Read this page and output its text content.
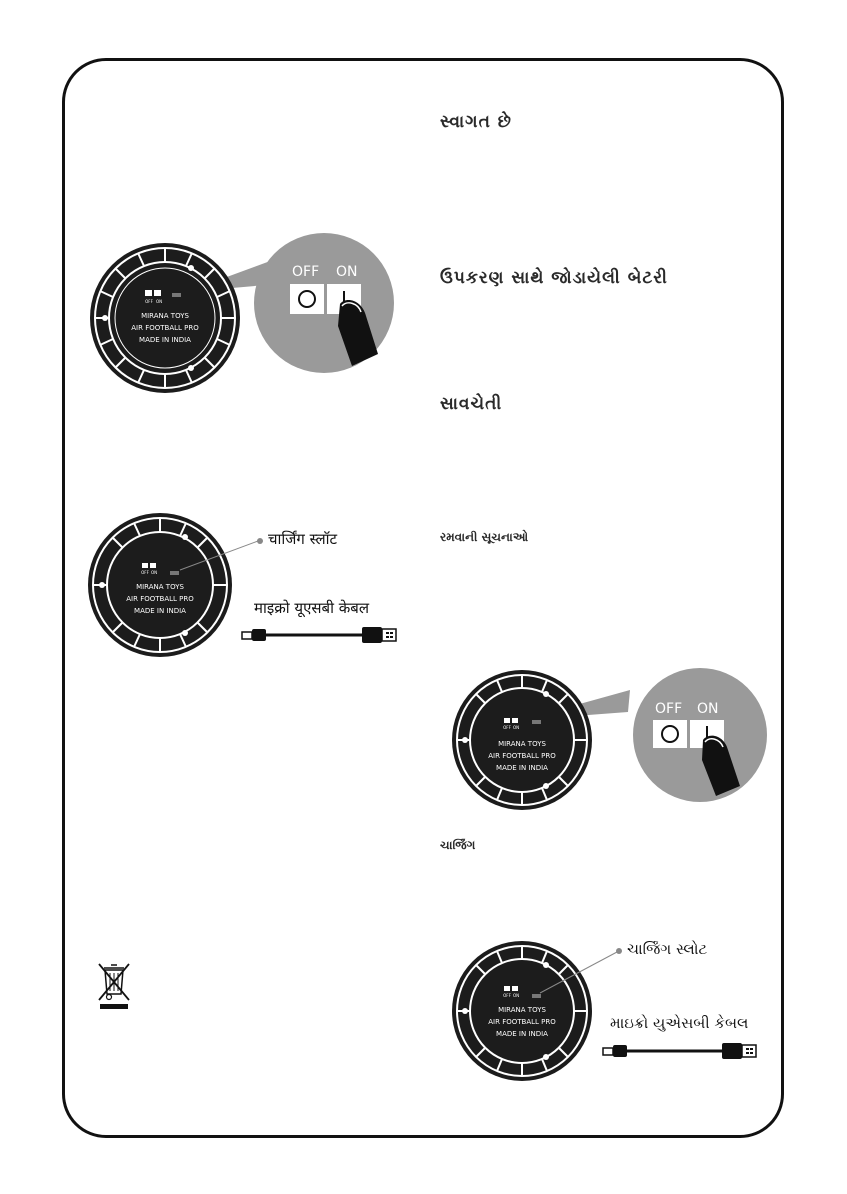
સ્વાગત છે
ઉપકરણ સાથે જોડાયેલી બેટરી
સાવચેતી
રમવાની સૂચનાઓ
ચાર્જિંગ
OFF ON
MIRANA TOYS
AIR FOOTBALL PRO
MADE IN INDIA
OFF ON
OFF ON
MIRANA TOYS
AIR FOOTBALL PRO
MADE IN INDIA
चार्जिंग स्लॉट
माइक्रो यूएसबी केबल
OFF ON
MIRANA TOYS
AIR FOOTBALL PRO
MADE IN INDIA
OFF ON
OFF ON
MIRANA TOYS
AIR FOOTBALL PRO
MADE IN INDIA
ચાર્જિંગ સ્લોટ
માઇક્રો યુએસબી કેબલ
